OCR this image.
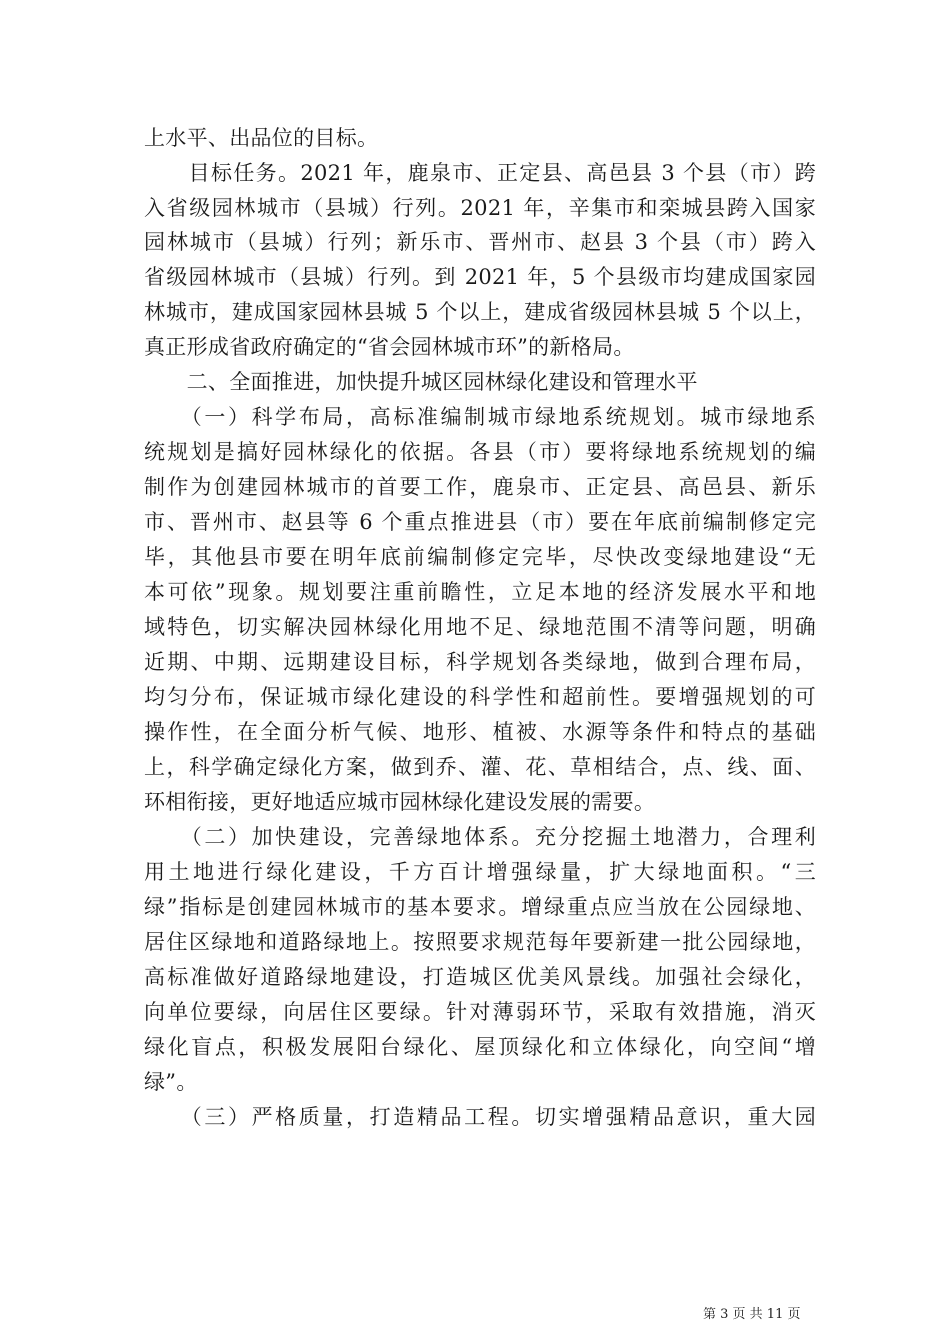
上水平、出品位的目标。
　　目标任务。2021 年，鹿泉市、正定县、高邑县 3 个县（市）跨
入省级园林城市（县城）行列。2021 年，辛集市和栾城县跨入国家
园林城市（县城）行列；新乐市、晋州市、赵县 3 个县（市）跨入
省级园林城市（县城）行列。到 2021 年，5 个县级市均建成国家园
林城市，建成国家园林县城 5 个以上，建成省级园林县城 5 个以上，
真正形成省政府确定的“省会园林城市环”的新格局。
　　二、全面推进，加快提升城区园林绿化建设和管理水平
　　（一）科学布局，高标准编制城市绿地系统规划。城市绿地系
统规划是搞好园林绿化的依据。各县（市）要将绿地系统规划的编
制作为创建园林城市的首要工作，鹿泉市、正定县、高邑县、新乐
市、晋州市、赵县等 6 个重点推进县（市）要在年底前编制修定完
毕，其他县市要在明年底前编制修定完毕，尽快改变绿地建设“无
本可依”现象。规划要注重前瞻性，立足本地的经济发展水平和地
域特色，切实解决园林绿化用地不足、绿地范围不清等问题，明确
近期、中期、远期建设目标，科学规划各类绿地，做到合理布局，
均匀分布，保证城市绿化建设的科学性和超前性。要增强规划的可
操作性，在全面分析气候、地形、植被、水源等条件和特点的基础
上，科学确定绿化方案，做到乔、灌、花、草相结合，点、线、面、
环相衔接，更好地适应城市园林绿化建设发展的需要。
　　（二）加快建设，完善绿地体系。充分挖掘土地潜力，合理利
用土地进行绿化建设，千方百计增强绿量，扩大绿地面积。“三
绿”指标是创建园林城市的基本要求。增绿重点应当放在公园绿地、
居住区绿地和道路绿地上。按照要求规范每年要新建一批公园绿地，
高标准做好道路绿地建设，打造城区优美风景线。加强社会绿化，
向单位要绿，向居住区要绿。针对薄弱环节，采取有效措施，消灭
绿化盲点，积极发展阳台绿化、屋顶绿化和立体绿化，向空间“增
绿”。
　　（三）严格质量，打造精品工程。切实增强精品意识，重大园
第 3 页 共 11 页
